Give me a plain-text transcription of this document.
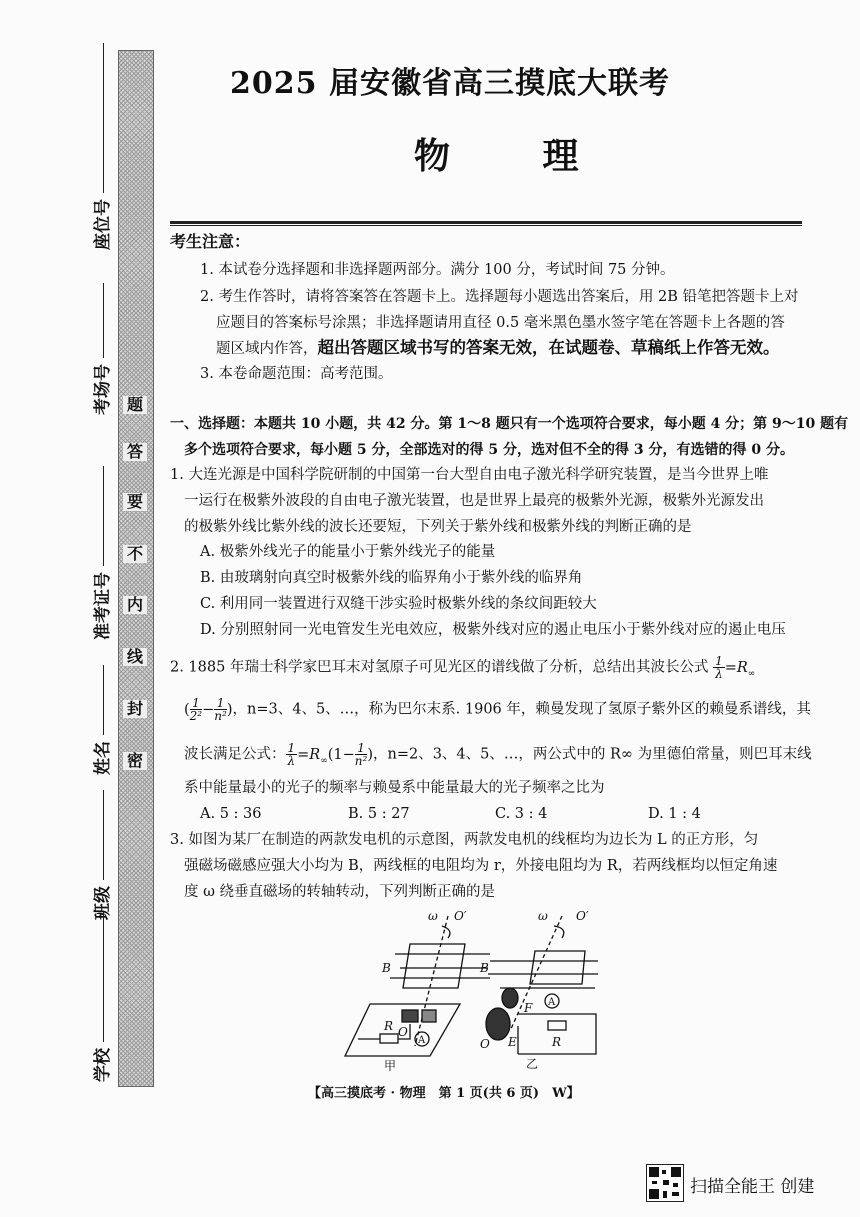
题
答
要
不
内
线
封
密
座位号
考场号
准考证号
姓名
班级
学校
2025 届安徽省高三摸底大联考
物 理
考生注意：
1. 本试卷分选择题和非选择题两部分。满分 100 分，考试时间 75 分钟。
2. 考生作答时，请将答案答在答题卡上。选择题每小题选出答案后，用 2B 铅笔把答题卡上对
应题目的答案标号涂黑；非选择题请用直径 0.5 毫米黑色墨水签字笔在答题卡上各题的答
题区域内作答，超出答题区域书写的答案无效，在试题卷、草稿纸上作答无效。
3. 本卷命题范围：高考范围。
一、选择题：本题共 10 小题，共 42 分。第 1～8 题只有一个选项符合要求，每小题 4 分；第 9～10 题有
多个选项符合要求，每小题 5 分，全部选对的得 5 分，选对但不全的得 3 分，有选错的得 0 分。
1. 大连光源是中国科学院研制的中国第一台大型自由电子激光科学研究装置，是当今世界上唯
一运行在极紫外波段的自由电子激光装置，也是世界上最亮的极紫外光源，极紫外光源发出
的极紫外线比紫外线的波长还要短，下列关于紫外线和极紫外线的判断正确的是
A. 极紫外线光子的能量小于紫外线光子的能量
B. 由玻璃射向真空时极紫外线的临界角小于紫外线的临界角
C. 利用同一装置进行双缝干涉实验时极紫外线的条纹间距较大
D. 分别照射同一光电管发生光电效应，极紫外线对应的遏止电压小于紫外线对应的遏止电压
2. 1885 年瑞士科学家巴耳末对氢原子可见光区的谱线做了分析，总结出其波长公式 $\frac{1}{\lambda} =R_\infty$
( $\frac{1}{\text{2²}} - \frac{1}{\text{n²}}$ )，n=3、4、5、…，称为巴尔末系. 1906 年，赖曼发现了氢原子紫外区的赖曼系谱线，其
波长满足公式： $\frac{1}{\lambda} =R_\infty(1- \frac{1}{\text{n²}}$ )，n=2、3、4、5、…，两公式中的 R∞ 为里德伯常量，则巴耳末线
系中能量最小的光子的频率与赖曼系中能量最大的光子频率之比为
A. 5 : 36	B. 5 : 27	C. 3 : 4	D. 1 : 4
3. 如图为某厂在制造的两款发电机的示意图，两款发电机的线框均为边长为 L 的正方形，匀
强磁场磁感应强大小均为 B，两线框的电阻均为 r，外接电阻均为 R，若两线框均以恒定角速
度 ω 绕垂直磁场的转轴转动，下列判断正确的是
ω O′
B
R
A
O
甲
ω O′
B
F A
R
O E
乙
【高三摸底考 · 物理　第 1 页(共 6 页)　W】
扫描全能王 创建
